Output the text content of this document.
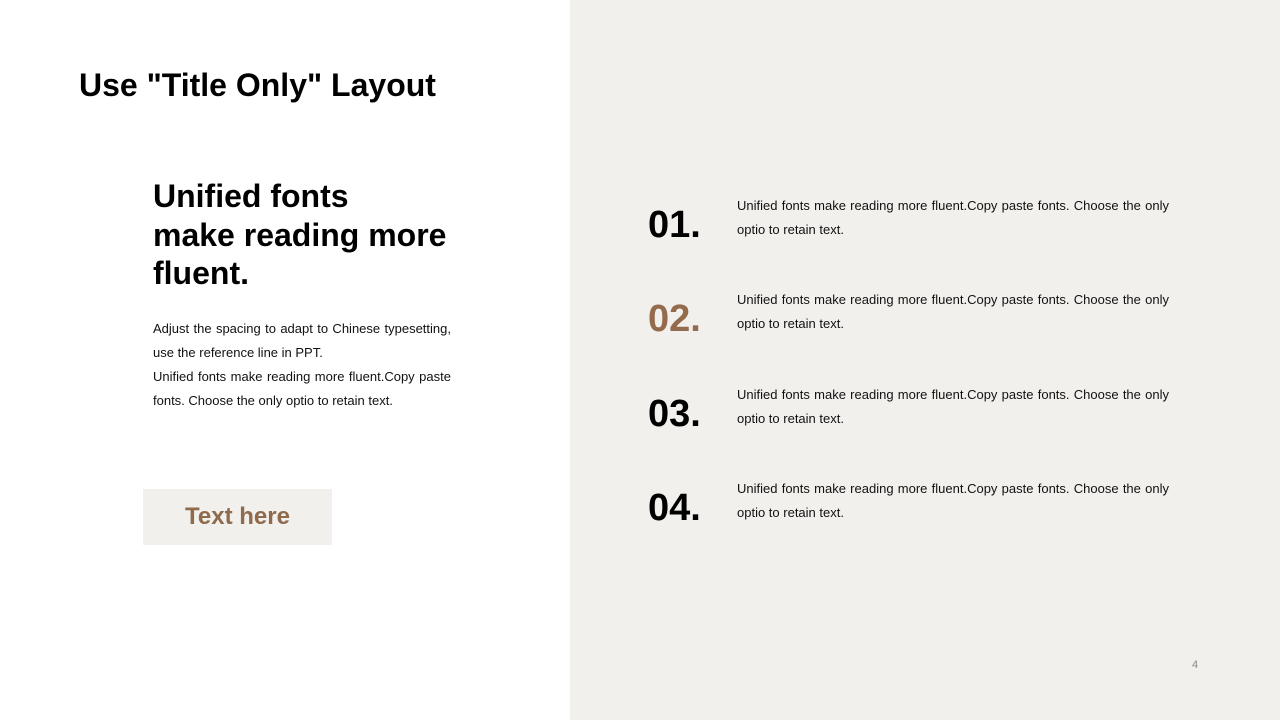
Use "Title Only" Layout
Unified fonts
make reading more
fluent.

Adjust the spacing to adapt to Chinese typesetting, use the reference line in PPT.

Unified fonts make reading more fluent.Copy paste fonts. Choose the only optio to retain text.

Text here
01.	Unified fonts make reading more fluent.Copy paste fonts. Choose the only optio to retain text.
02.	Unified fonts make reading more fluent.Copy paste fonts. Choose the only optio to retain text.
03.	Unified fonts make reading more fluent.Copy paste fonts. Choose the only optio to retain text.
04.	Unified fonts make reading more fluent.Copy paste fonts. Choose the only optio to retain text.
4
